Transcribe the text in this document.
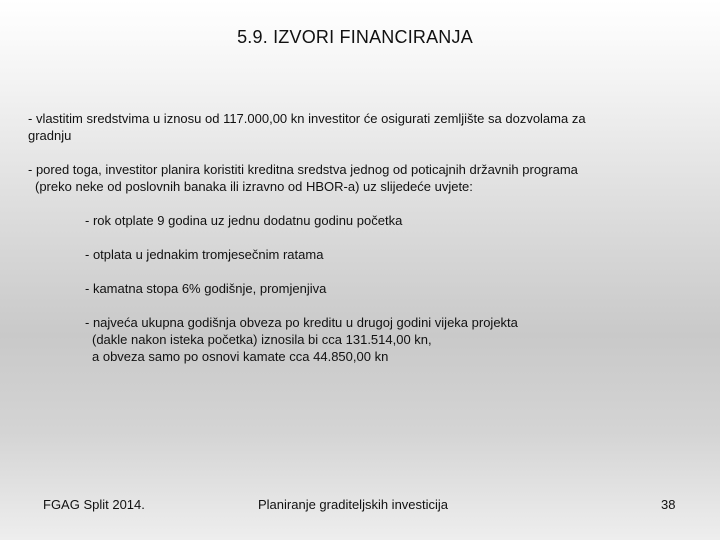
5.9. IZVORI FINANCIRANJA

- vlastitim sredstvima u iznosu od 117.000,00 kn investitor će osigurati zemljište sa dozvolama za
gradnju

- pored toga, investitor planira koristiti kreditna sredstva jednog od poticajnih državnih programa
(preko neke od poslovnih banaka ili izravno od HBOR-a) uz slijedeće uvjete:

- rok otplate 9 godina uz jednu dodatnu godinu početka

- otplata u jednakim tromjesečnim ratama

- kamatna stopa 6% godišnje, promjenjiva

- najveća ukupna godišnja obveza po kreditu u drugoj godini vijeka projekta
(dakle nakon isteka početka) iznosila bi cca 131.514,00 kn,
a obveza samo po osnovi kamate cca 44.850,00 kn

FGAG Split 2014.	Planiranje graditeljskih investicija	38
